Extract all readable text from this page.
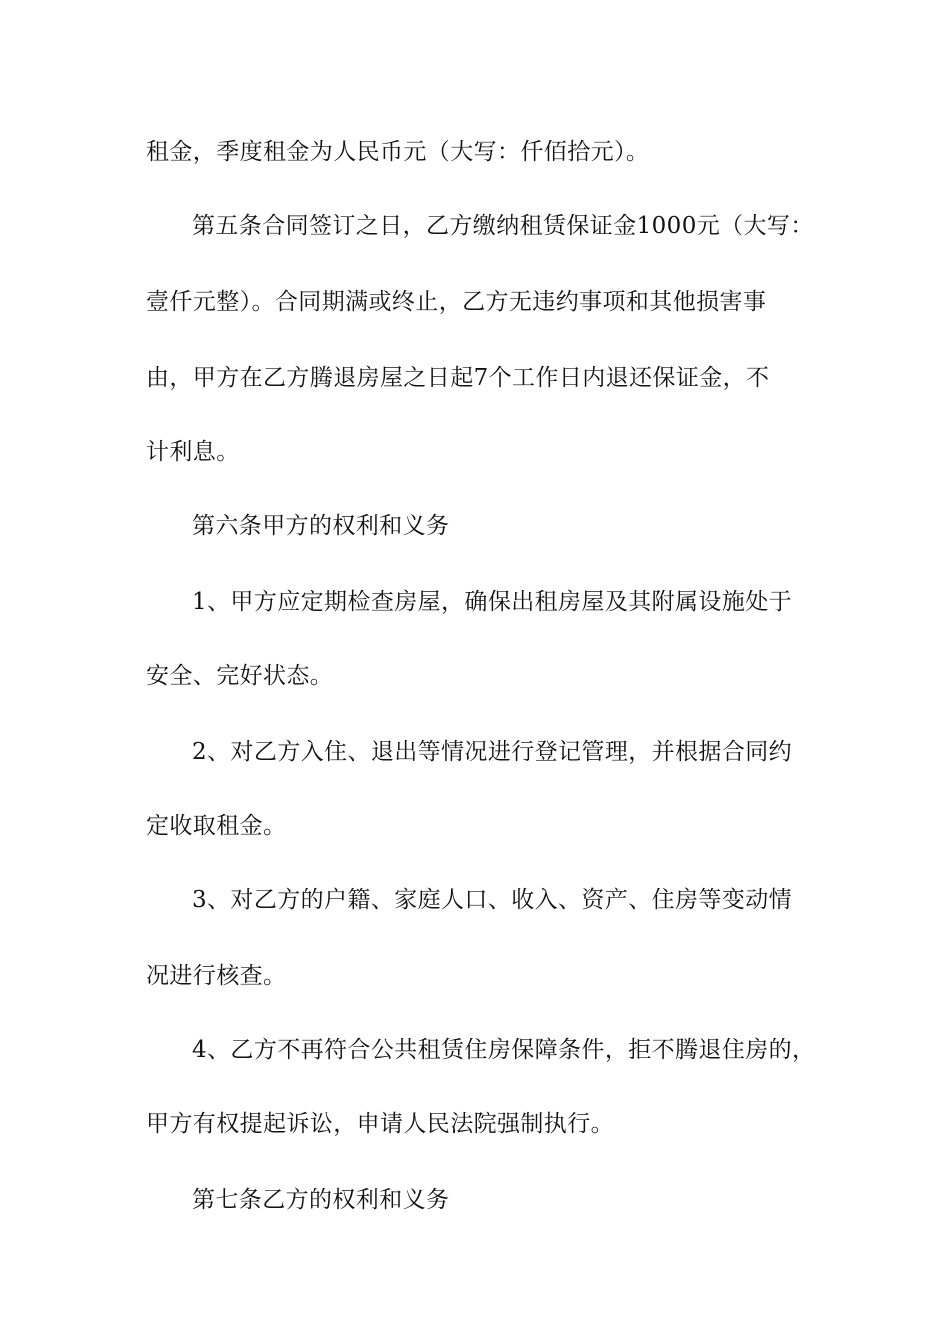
租金，季度租金为人民币元（大写：仟佰拾元）。
第五条合同签订之日，乙方缴纳租赁保证金1000元（大写：
壹仟元整）。合同期满或终止，乙方无违约事项和其他损害事
由，甲方在乙方腾退房屋之日起7个工作日内退还保证金，不
计利息。
第六条甲方的权利和义务
1、甲方应定期检查房屋，确保出租房屋及其附属设施处于
安全、完好状态。
2、对乙方入住、退出等情况进行登记管理，并根据合同约
定收取租金。
3、对乙方的户籍、家庭人口、收入、资产、住房等变动情
况进行核查。
4、乙方不再符合公共租赁住房保障条件，拒不腾退住房的，
甲方有权提起诉讼，申请人民法院强制执行。
第七条乙方的权利和义务
